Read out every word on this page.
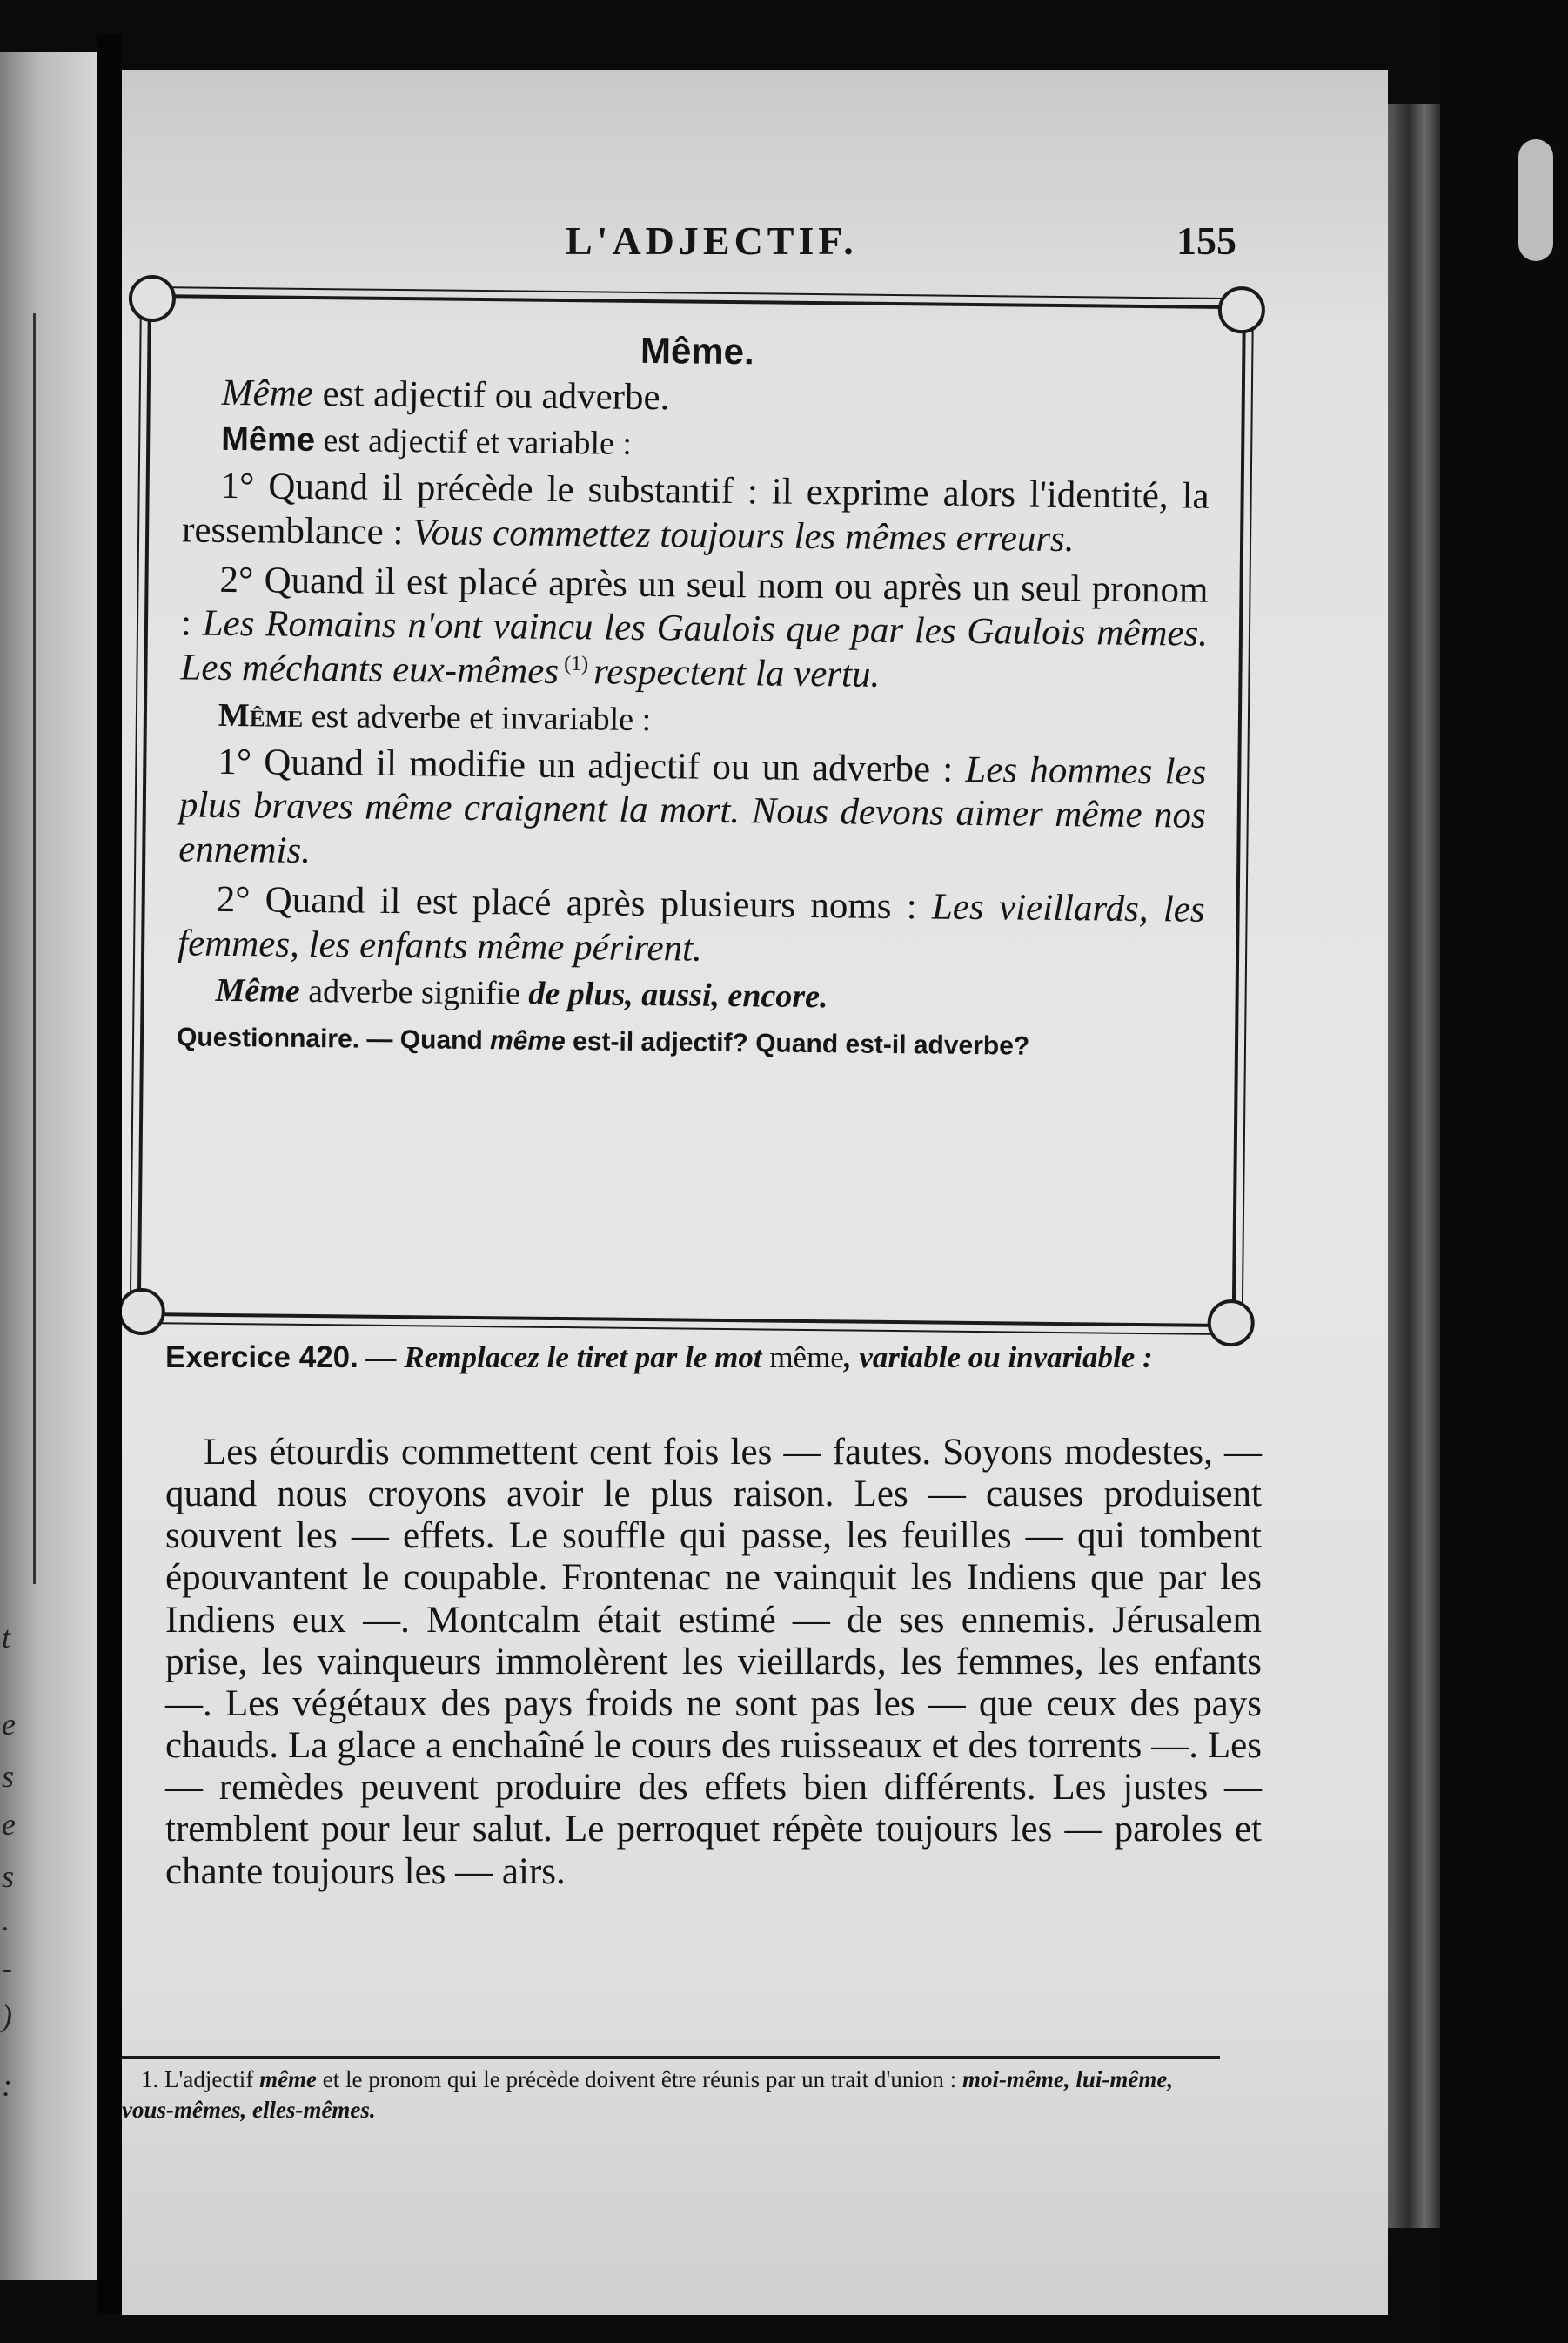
t
e
s
e
s
.
-
)
:
L'ADJECTIF.	155
Même.

Même est adjectif ou adverbe.

Même est adjectif et variable :

1° Quand il précède le substantif : il exprime alors l'identité, la ressemblance : Vous commettez toujours les mêmes erreurs.

2° Quand il est placé après un seul nom ou après un seul pronom : Les Romains n'ont vaincu les Gaulois que par les Gaulois mêmes. Les méchants eux-mêmes $^{(1)}$ respectent la vertu.

Même est adverbe et invariable :

1° Quand il modifie un adjectif ou un adverbe : Les hommes les plus braves même craignent la mort. Nous devons aimer même nos ennemis.

2° Quand il est placé après plusieurs noms : Les vieillards, les femmes, les enfants même périrent.

Même adverbe signifie de plus, aussi, encore.

Questionnaire. — Quand même est-il adjectif? Quand est-il adverbe?

Exercice 420. — Remplacez le tiret par le mot même, variable ou invariable :
Les étourdis commettent cent fois les — fautes. Soyons modestes, — quand nous croyons avoir le plus raison. Les — causes produisent souvent les — effets. Le souffle qui passe, les feuilles — qui tombent épouvantent le coupable. Frontenac ne vainquit les Indiens que par les Indiens eux —. Montcalm était estimé — de ses ennemis. Jérusalem prise, les vainqueurs immolèrent les vieillards, les femmes, les enfants —. Les végétaux des pays froids ne sont pas les — que ceux des pays chauds. La glace a enchaîné le cours des ruisseaux et des torrents —. Les — remèdes peuvent produire des effets bien différents. Les justes — tremblent pour leur salut. Le perroquet répète toujours les — paroles et chante toujours les — airs.
1. L'adjectif même et le pronom qui le précède doivent être réunis par un trait d'union : moi-même, lui-même, vous-mêmes, elles-mêmes.
